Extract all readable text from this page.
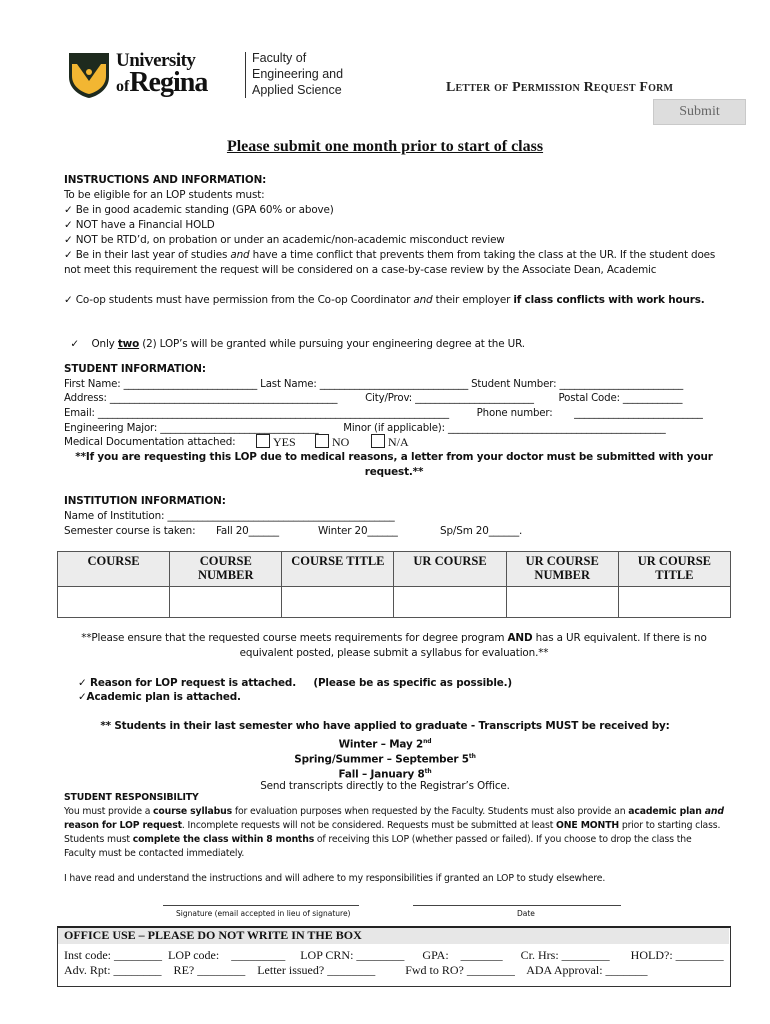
University
ofRegina
Faculty of
Engineering and
Applied Science	Letter of Permission Request Form
Submit
Please submit one month prior to start of class
INSTRUCTIONS AND INFORMATION:
To be eligible for an LOP students must:
✓ Be in good academic standing (GPA 60% or above)
✓ NOT have a Financial HOLD
✓ NOT be RTD’d, on probation or under an academic/non-academic misconduct review
✓ Be in their last year of studies and have a time conflict that prevents them from taking the class at the UR. If the student does not meet this requirement the request will be considered on a case-by-case review by the Associate Dean, Academic
✓ Co-op students must have permission from the Co-op Coordinator and their employer if class conflicts with work hours.

✓    Only two (2) LOP’s will be granted while pursuing your engineering degree at the UR.

STUDENT INFORMATION:
First Name: ___________________________ Last Name: ______________________________ Student Number: _________________________
Address: ______________________________________________         City/Prov: ________________________        Postal Code: ____________
Email: _______________________________________________________________________         Phone number:       __________________________
Engineering Major: ________________________________        Minor (if applicable): ____________________________________________
Medical Documentation attached:	YES	NO	N/A
**If you are requesting this LOP due to medical reasons, a letter from your doctor must be submitted with your request.**
INSTITUTION INFORMATION:
Name of Institution: _____________________________________________
Semester course is taken: Fall 20______	Winter 20______	Sp/Sm 20______.
COURSE	COURSE NUMBER	COURSE TITLE	UR COURSE	UR COURSE NUMBER	UR COURSE TITLE

**Please ensure that the requested course meets requirements for degree program AND has a UR equivalent. If there is no equivalent posted, please submit a syllabus for evaluation.**
✓ Reason for LOP request is attached.     (Please be as specific as possible.)
✓Academic plan is attached.
** Students in their last semester who have applied to graduate - Transcripts MUST be received by:
Winter – May 2nd
Spring/Summer – September 5th
Fall – January 8th
Send transcripts directly to the Registrar’s Office.
STUDENT RESPONSIBILITY
You must provide a course syllabus for evaluation purposes when requested by the Faculty. Students must also provide an academic plan and reason for LOP request. Incomplete requests will not be considered. Requests must be submitted at least ONE MONTH prior to starting class. Students must complete the class within 8 months of receiving this LOP (whether passed or failed). If you choose to drop the class the Faculty must be contacted immediately.
I have read and understand the instructions and will adhere to my responsibilities if granted an LOP to study elsewhere.
Signature (email accepted in lieu of signature)	Date
OFFICE USE – PLEASE DO NOT WRITE IN THE BOX
Inst code: ________  LOP code:    _________     LOP CRN: ________      GPA:    _______      Cr. Hrs: ________       HOLD?: ________
Adv. Rpt: ________    RE? ________    Letter issued? ________          Fwd to RO? ________    ADA Approval: _______
